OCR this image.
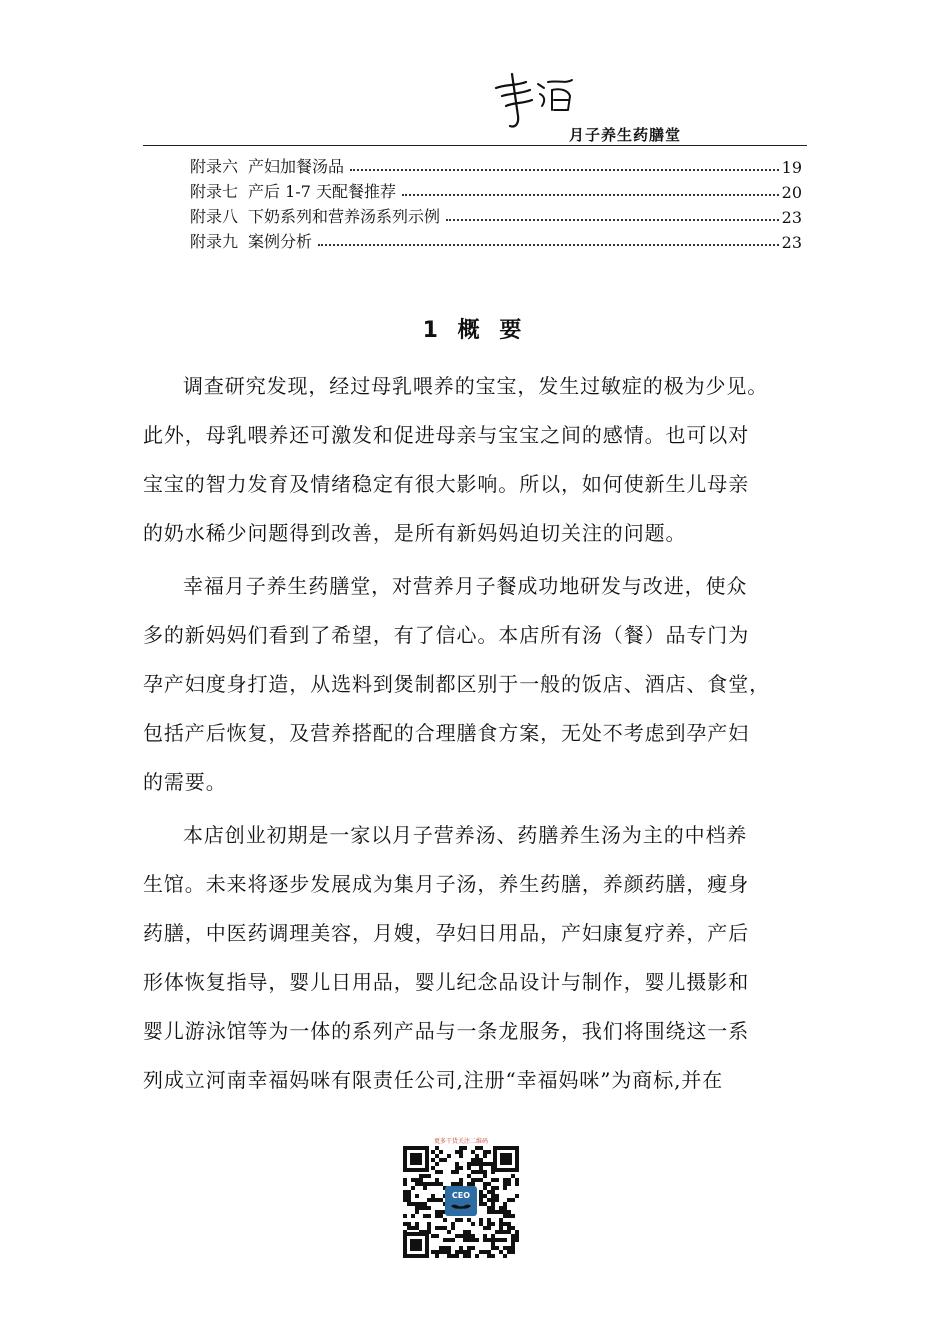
月子养生药膳堂
附录六 产妇加餐汤品	19
附录七 产后 1-7 天配餐推荐	20
附录八 下奶系列和营养汤系列示例	23
附录九 案例分析	23
1 概 要
调查研究发现，经过母乳喂养的宝宝，发生过敏症的极为少见。
此外，母乳喂养还可激发和促进母亲与宝宝之间的感情。也可以对
宝宝的智力发育及情绪稳定有很大影响。所以，如何使新生儿母亲
的奶水稀少问题得到改善，是所有新妈妈迫切关注的问题。
幸福月子养生药膳堂，对营养月子餐成功地研发与改进，使众
多的新妈妈们看到了希望，有了信心。本店所有汤（餐）品专门为
孕产妇度身打造，从选料到煲制都区别于一般的饭店、酒店、食堂，
包括产后恢复，及营养搭配的合理膳食方案，无处不考虑到孕产妇
的需要。
本店创业初期是一家以月子营养汤、药膳养生汤为主的中档养
生馆。未来将逐步发展成为集月子汤，养生药膳，养颜药膳，瘦身
药膳，中医药调理美容，月嫂，孕妇日用品，产妇康复疗养，产后
形体恢复指导，婴儿日用品，婴儿纪念品设计与制作，婴儿摄影和
婴儿游泳馆等为一体的系列产品与一条龙服务，我们将围绕这一系
列成立河南幸福妈咪有限责任公司,注册“幸福妈咪”为商标,并在
更多干货关注二维码
CEO
